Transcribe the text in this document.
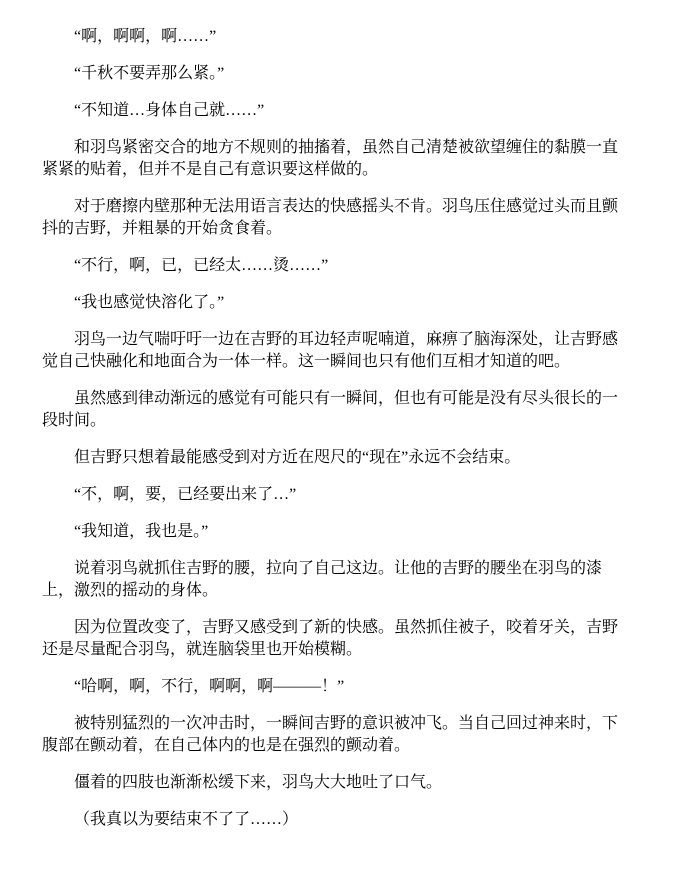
“啊，啊啊，啊……”

“千秋不要弄那么紧。”

“不知道…身体自己就……”

和羽鸟紧密交合的地方不规则的抽搐着，虽然自己清楚被欲望缠住的黏膜一直紧紧的贴着，但并不是自己有意识要这样做的。

对于磨擦内壁那种无法用语言表达的快感摇头不肯。羽鸟压住感觉过头而且颤抖的吉野，并粗暴的开始贪食着。

“不行，啊，已，已经太……烫……”

“我也感觉快溶化了。”

羽鸟一边气喘吁吁一边在吉野的耳边轻声呢喃道，麻痹了脑海深处，让吉野感觉自己快融化和地面合为一体一样。这一瞬间也只有他们互相才知道的吧。

虽然感到律动渐远的感觉有可能只有一瞬间，但也有可能是没有尽头很长的一段时间。

但吉野只想着最能感受到对方近在咫尺的“现在”永远不会结束。

“不，啊，要，已经要出来了…”

“我知道，我也是。”

说着羽鸟就抓住吉野的腰，拉向了自己这边。让他的吉野的腰坐在羽鸟的漆上，激烈的摇动的身体。

因为位置改变了，吉野又感受到了新的快感。虽然抓住被子，咬着牙关，吉野还是尽量配合羽鸟，就连脑袋里也开始模糊。

“哈啊，啊，不行，啊啊，啊———！”

被特别猛烈的一次冲击时，一瞬间吉野的意识被冲飞。当自己回过神来时，下腹部在颤动着，在自己体内的也是在强烈的颤动着。

僵着的四肢也渐渐松缓下来，羽鸟大大地吐了口气。

（我真以为要结束不了了……）
